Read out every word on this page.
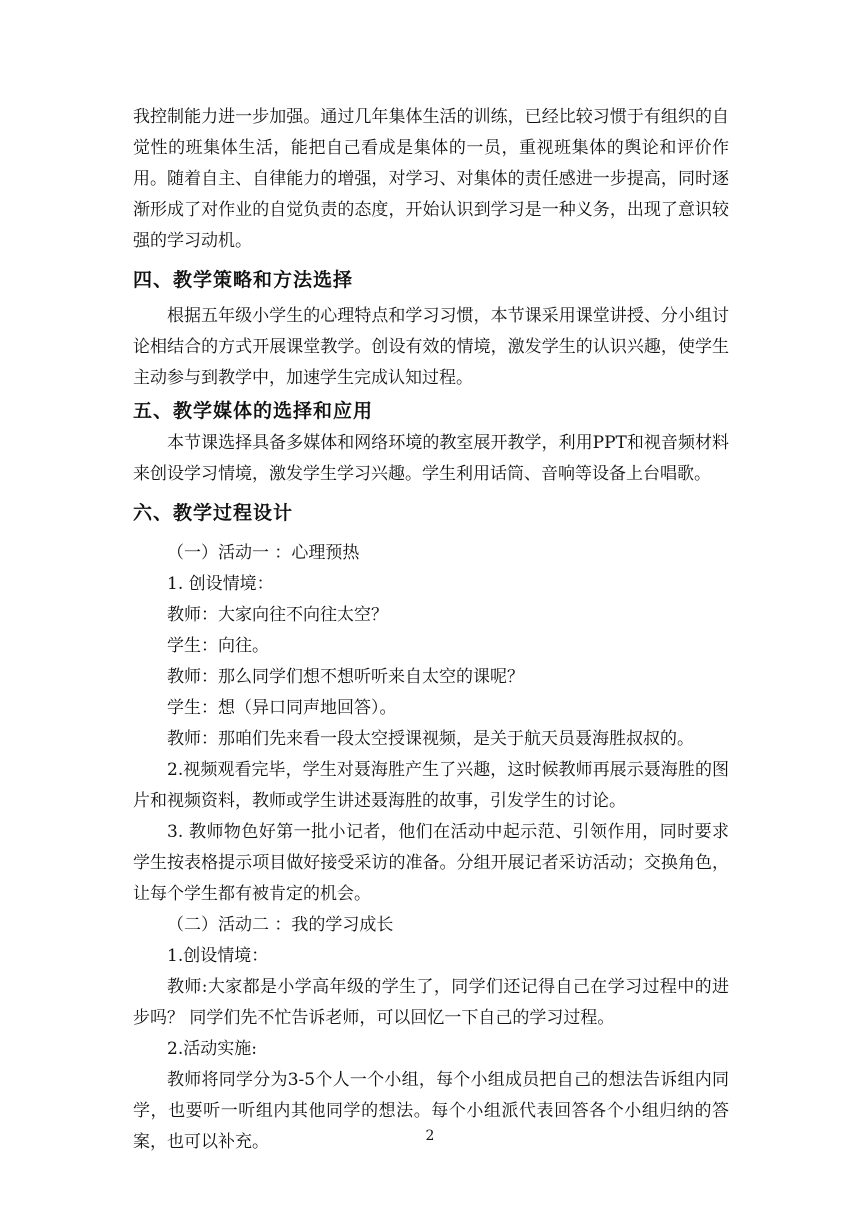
我控制能力进一步加强。通过几年集体生活的训练，已经比较习惯于有组织的自觉性的班集体生活，能把自己看成是集体的一员，重视班集体的舆论和评价作用。随着自主、自律能力的增强，对学习、对集体的责任感进一步提高，同时逐渐形成了对作业的自觉负责的态度，开始认识到学习是一种义务，出现了意识较强的学习动机。

四、教学策略和方法选择

根据五年级小学生的心理特点和学习习惯，本节课采用课堂讲授、分小组讨论相结合的方式开展课堂教学。创设有效的情境，激发学生的认识兴趣，使学生主动参与到教学中，加速学生完成认知过程。

五、教学媒体的选择和应用

本节课选择具备多媒体和网络环境的教室展开教学，利用PPT和视音频材料来创设学习情境，激发学生学习兴趣。学生利用话筒、音响等设备上台唱歌。

六、教学过程设计

（一）活动一 ：心理预热

1. 创设情境：

教师：大家向往不向往太空？

学生：向往。

教师：那么同学们想不想听听来自太空的课呢？

学生：想（异口同声地回答）。

教师：那咱们先来看一段太空授课视频，是关于航天员聂海胜叔叔的。

2.视频观看完毕，学生对聂海胜产生了兴趣，这时候教师再展示聂海胜的图片和视频资料，教师或学生讲述聂海胜的故事，引发学生的讨论。

3. 教师物色好第一批小记者，他们在活动中起示范、引领作用，同时要求学生按表格提示项目做好接受采访的准备。分组开展记者采访活动；交换角色，让每个学生都有被肯定的机会。

（二）活动二 ：我的学习成长

1.创设情境：

教师:大家都是小学高年级的学生了，同学们还记得自己在学习过程中的进步吗？ 同学们先不忙告诉老师，可以回忆一下自己的学习过程。

2.活动实施:

教师将同学分为3-5个人一个小组，每个小组成员把自己的想法告诉组内同学，也要听一听组内其他同学的想法。每个小组派代表回答各个小组归纳的答案，也可以补充。	2
